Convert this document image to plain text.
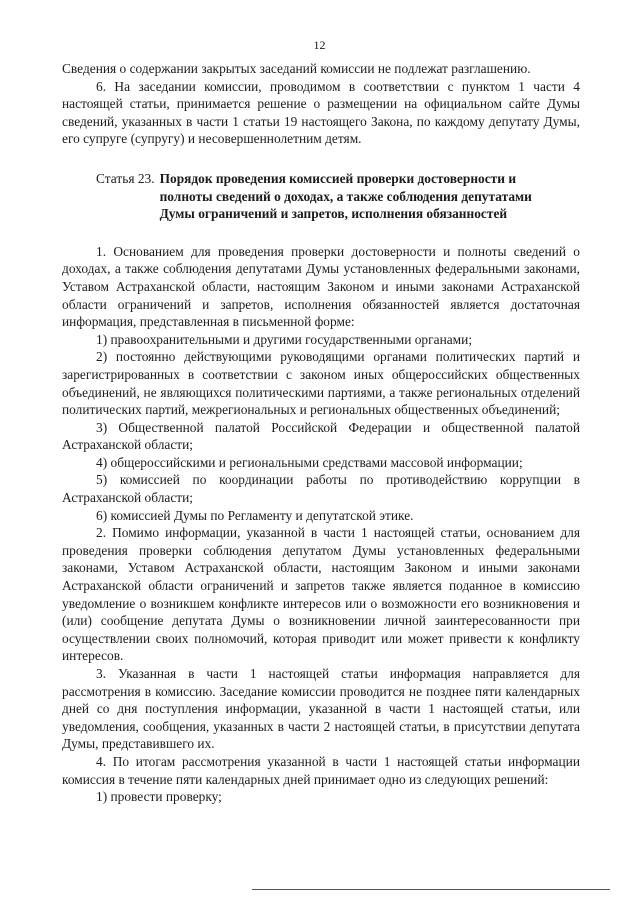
12

Сведения о содержании закрытых заседаний комиссии не подлежат разглашению.

6. На заседании комиссии, проводимом в соответствии с пунктом 1 части 4 настоящей статьи, принимается решение о размещении на официальном сайте Думы сведений, указанных в части 1 статьи 19 настоящего Закона, по каждому депутату Думы, его супруге (супругу) и несовершеннолетним детям.

Статья 23. Порядок проведения комиссией проверки достоверности и
полноты сведений о доходах, а также соблюдения депутатами
Думы ограничений и запретов, исполнения обязанностей

1. Основанием для проведения проверки достоверности и полноты сведений о доходах, а также соблюдения депутатами Думы установленных федеральными законами, Уставом Астраханской области, настоящим Законом и иными законами Астраханской области ограничений и запретов, исполнения обязанностей является достаточная информация, представленная в письменной форме:

1) правоохранительными и другими государственными органами;

2) постоянно действующими руководящими органами политических партий и зарегистрированных в соответствии с законом иных общероссийских общественных объединений, не являющихся политическими партиями, а также региональных отделений политических партий, межрегиональных и региональных общественных объединений;

3) Общественной палатой Российской Федерации и общественной палатой Астраханской области;

4) общероссийскими и региональными средствами массовой информации;

5) комиссией по координации работы по противодействию коррупции в Астраханской области;

6) комиссией Думы по Регламенту и депутатской этике.

2. Помимо информации, указанной в части 1 настоящей статьи, основанием для проведения проверки соблюдения депутатом Думы установленных федеральными законами, Уставом Астраханской области, настоящим Законом и иными законами Астраханской области ограничений и запретов также является поданное в комиссию уведомление о возникшем конфликте интересов или о возможности его возникновения и (или) сообщение депутата Думы о возникновении личной заинтересованности при осуществлении своих полномочий, которая приводит или может привести к конфликту интересов.

3. Указанная в части 1 настоящей статьи информация направляется для рассмотрения в комиссию. Заседание комиссии проводится не позднее пяти календарных дней со дня поступления информации, указанной в части 1 настоящей статьи, или уведомления, сообщения, указанных в части 2 настоящей статьи, в присутствии депутата Думы, представившего их.

4. По итогам рассмотрения указанной в части 1 настоящей статьи информации комиссия в течение пяти календарных дней принимает одно из следующих решений:

1) провести проверку;
